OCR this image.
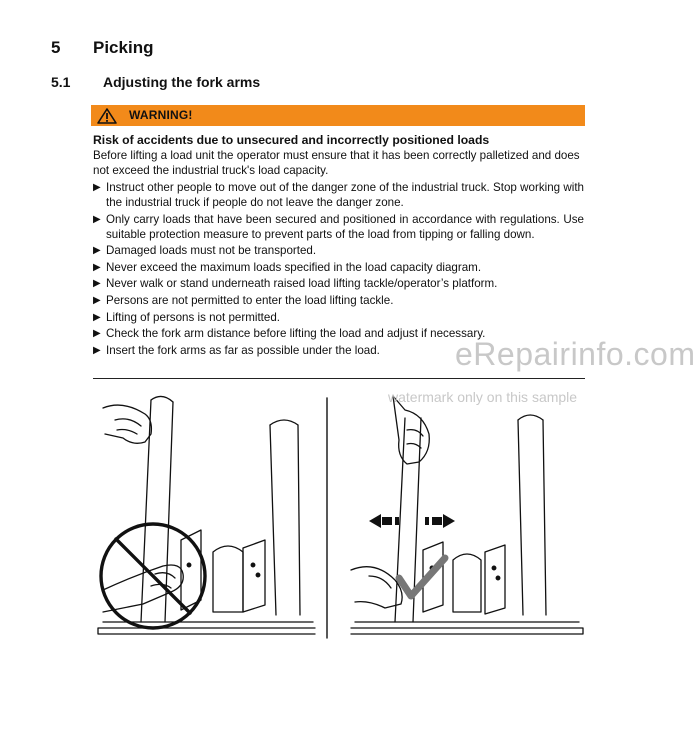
5 Picking
5.1 Adjusting the fork arms
WARNING!

Risk of accidents due to unsecured and incorrectly positioned loads

Before lifting a load unit the operator must ensure that it has been correctly palletized and does not exceed the industrial truck's load capacity.

▶ Instruct other people to move out of the danger zone of the industrial truck. Stop working with the industrial truck if people do not leave the danger zone.
▶ Only carry loads that have been secured and positioned in accordance with regulations. Use suitable protection measure to prevent parts of the load from tipping or falling down.
▶ Damaged loads must not be transported.
▶ Never exceed the maximum loads specified in the load capacity diagram.
▶ Never walk or stand underneath raised load lifting tackle/operator’s platform.
▶ Persons are not permitted to enter the load lifting tackle.
▶ Lifting of persons is not permitted.
▶ Check the fork arm distance before lifting the load and adjust if necessary.
▶ Insert the fork arms as far as possible under the load.	eRepairinfo.com
watermark only on this sample
